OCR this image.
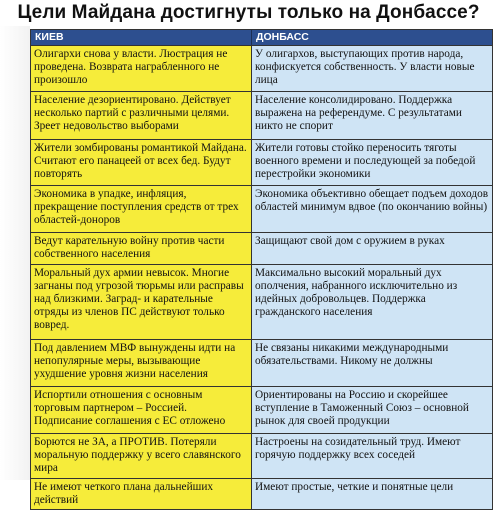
Цели Майдана достигнуты только на Донбассе?
КИЕВ	ДОНБАСС
Олигархи снова у власти. Люстрация не проведена. Возврата награбленного не произошло
У олигархов, выступающих против народа, конфискуется собственность. У власти новые лица
Население дезориентировано. Действует несколько партий с различными целями. Зреет недовольство выборами
Население консолидировано. Поддержка выражена на референдуме. С результатами никто не спорит
Жители зомбированы романтикой Майдана. Считают его панацеей от всех бед. Будут повторять
Жители готовы стойко переносить тяготы военного времени и последующей за победой перестройки экономики
Экономика в упадке, инфляция, прекращение поступления средств от трех областей-доноров
Экономика объективно обещает подъем доходов областей минимум вдвое (по окончанию войны)
Ведут карательную войну против части собственного населения
Защищают свой дом с оружием в руках
Моральный дух армии невысок. Многие загнаны под угрозой тюрьмы или расправы над близкими. Заград- и карательные отряды из членов ПС действуют только вовред.
Максимально высокий моральный дух ополчения, набранного исключительно из идейных добровольцев. Поддержка гражданского населения
Под давлением МВФ вынуждены идти на непопулярные меры, вызывающие ухудшение уровня жизни населения
Не связаны никакими международными обязательствами. Никому не должны
Испортили отношения с основным торговым партнером – Россией. Подписание соглашения с ЕС отложено
Ориентированы на Россию и скорейшее вступление в Таможенный Союз – основной рынок для своей продукции
Борются не ЗА, а ПРОТИВ. Потеряли моральную поддержку у всего славянского мира
Настроены на созидательный труд. Имеют горячую поддержку всех соседей
Не имеют четкого плана дальнейших действий
Имеют простые, четкие и понятные цели
